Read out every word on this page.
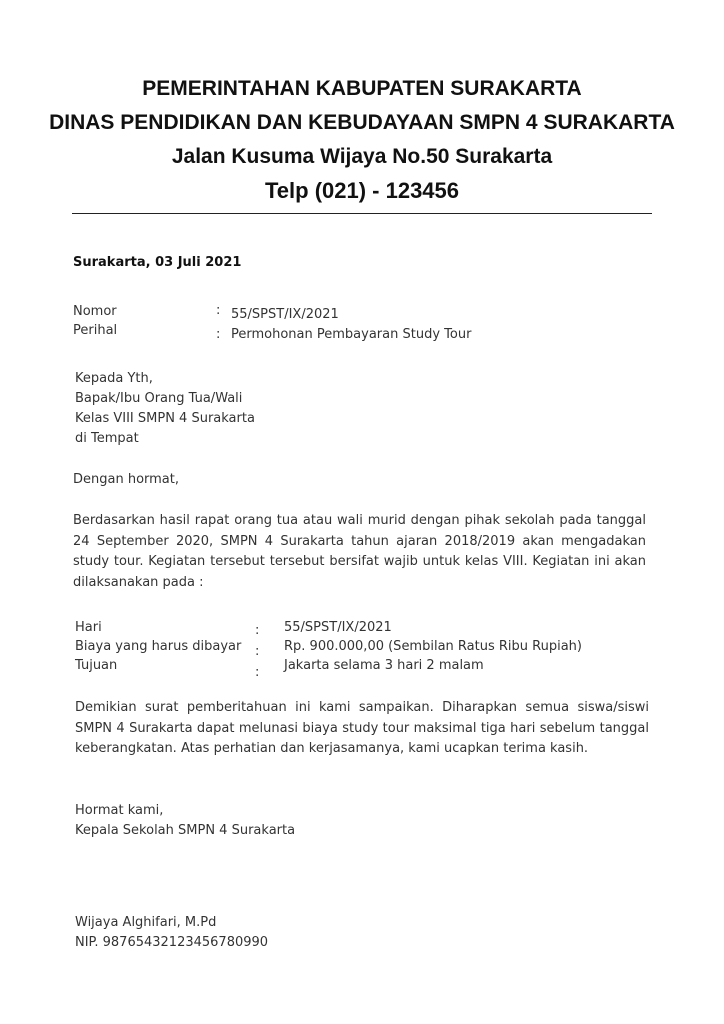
PEMERINTAHAN KABUPATEN SURAKARTA
DINAS PENDIDIKAN DAN KEBUDAYAAN SMPN 4 SURAKARTA
Jalan Kusuma Wijaya No.50 Surakarta
Telp (021) - 123456
Surakarta, 03 Juli 2021
Nomor	: 55/SPST/IX/2021
Perihal	: Permohonan Pembayaran Study Tour
Kepada Yth,
Bapak/Ibu Orang Tua/Wali
Kelas VIII SMPN 4 Surakarta
di Tempat
Dengan hormat,
Berdasarkan hasil rapat orang tua atau wali murid dengan pihak sekolah pada tanggal 24 September 2020, SMPN 4 Surakarta tahun ajaran 2018/2019 akan mengadakan study tour. Kegiatan tersebut tersebut bersifat wajib untuk kelas VIII. Kegiatan ini akan dilaksanakan pada :
Hari	: 55/SPST/IX/2021
Biaya yang harus dibayar : Rp. 900.000,00 (Sembilan Ratus Ribu Rupiah)
Tujuan	: Jakarta selama 3 hari 2 malam
Demikian surat pemberitahuan ini kami sampaikan. Diharapkan semua siswa/siswi SMPN 4 Surakarta dapat melunasi biaya study tour maksimal tiga hari sebelum tanggal keberangkatan. Atas perhatian dan kerjasamanya, kami ucapkan terima kasih.
Hormat kami,
Kepala Sekolah SMPN 4 Surakarta
Wijaya Alghifari, M.Pd
NIP. 98765432123456780990
